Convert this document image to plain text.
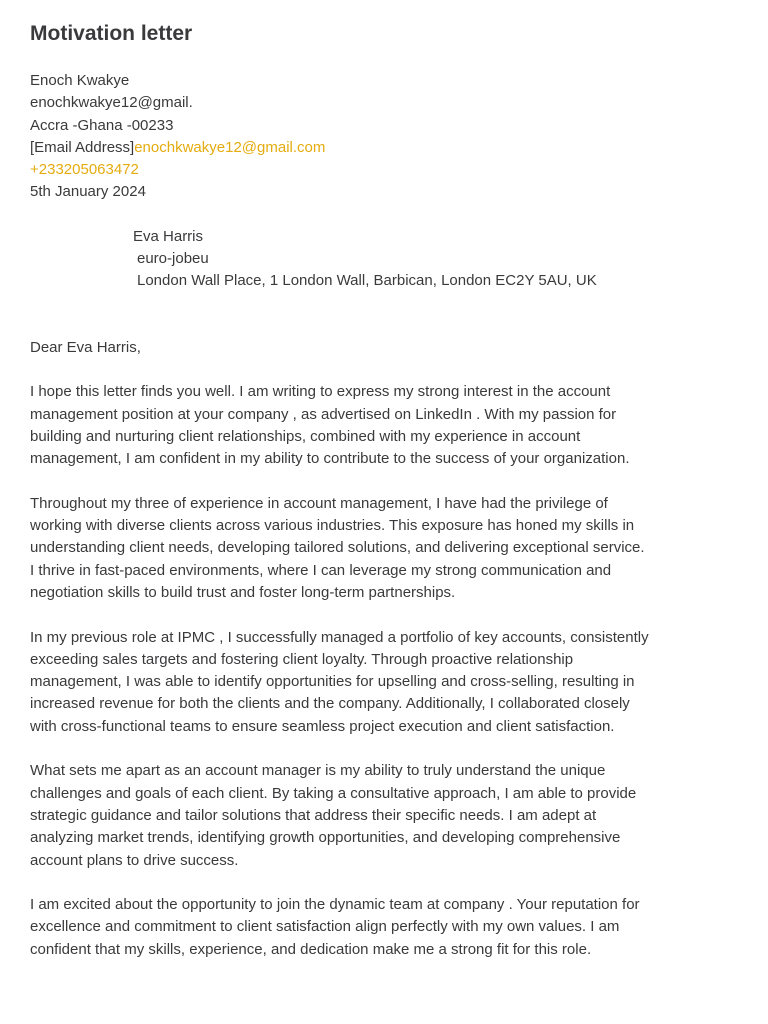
Motivation letter
Enoch Kwakye
enochkwakye12@gmail.
Accra -Ghana -00233
[Email Address]enochkwakye12@gmail.com
+233205063472
5th January 2024
Eva Harris
euro-jobeu
London Wall Place, 1 London Wall, Barbican, London EC2Y 5AU, UK
Dear Eva Harris,
I hope this letter finds you well. I am writing to express my strong interest in the account
management position at your company , as advertised on LinkedIn . With my passion for
building and nurturing client relationships, combined with my experience in account
management, I am confident in my ability to contribute to the success of your organization.
Throughout my three of experience in account management, I have had the privilege of
working with diverse clients across various industries. This exposure has honed my skills in
understanding client needs, developing tailored solutions, and delivering exceptional service.
I thrive in fast-paced environments, where I can leverage my strong communication and
negotiation skills to build trust and foster long-term partnerships.
In my previous role at IPMC , I successfully managed a portfolio of key accounts, consistently
exceeding sales targets and fostering client loyalty. Through proactive relationship
management, I was able to identify opportunities for upselling and cross-selling, resulting in
increased revenue for both the clients and the company. Additionally, I collaborated closely
with cross-functional teams to ensure seamless project execution and client satisfaction.
What sets me apart as an account manager is my ability to truly understand the unique
challenges and goals of each client. By taking a consultative approach, I am able to provide
strategic guidance and tailor solutions that address their specific needs. I am adept at
analyzing market trends, identifying growth opportunities, and developing comprehensive
account plans to drive success.
I am excited about the opportunity to join the dynamic team at company . Your reputation for
excellence and commitment to client satisfaction align perfectly with my own values. I am
confident that my skills, experience, and dedication make me a strong fit for this role.
